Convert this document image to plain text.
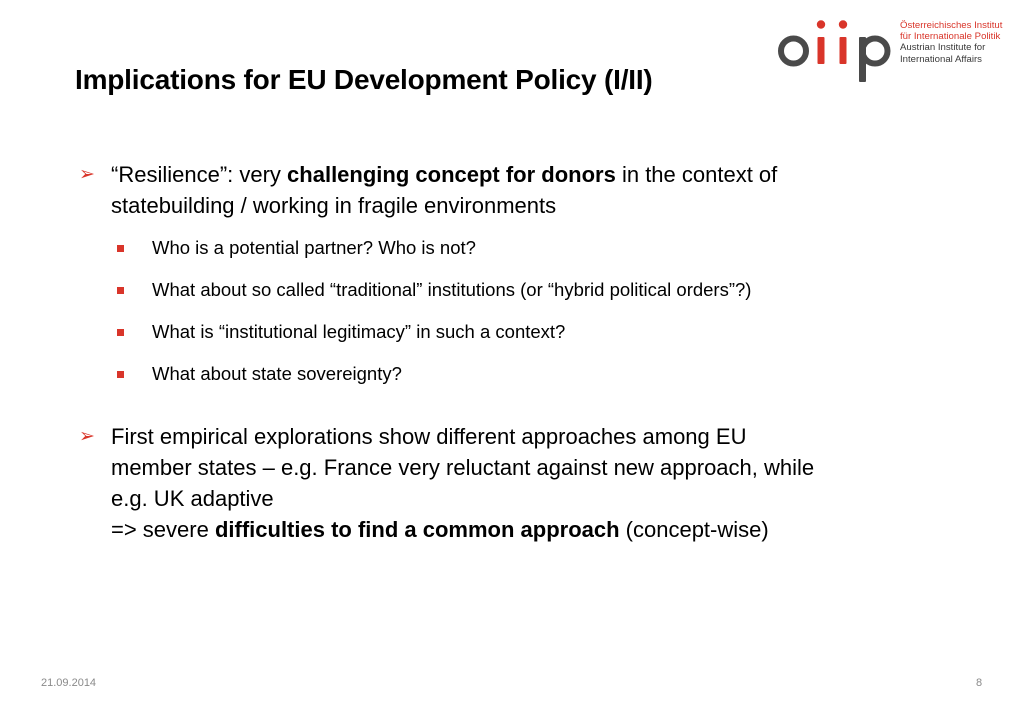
Implications for EU Development Policy (I/II)
Österreichisches Institut
für Internationale Politik
Austrian Institute for
International Affairs
➢ “Resilience”: very challenging concept for donors in the context of
statebuilding / working in fragile environments
Who is a potential partner? Who is not?
What about so called “traditional” institutions (or “hybrid political orders”?)
What is “institutional legitimacy” in such a context?
What about state sovereignty?
➢ First empirical explorations show different approaches among EU
member states – e.g. France very reluctant against new approach, while
e.g. UK adaptive
=> severe difficulties to find a common approach (concept-wise)
21.09.2014	8
